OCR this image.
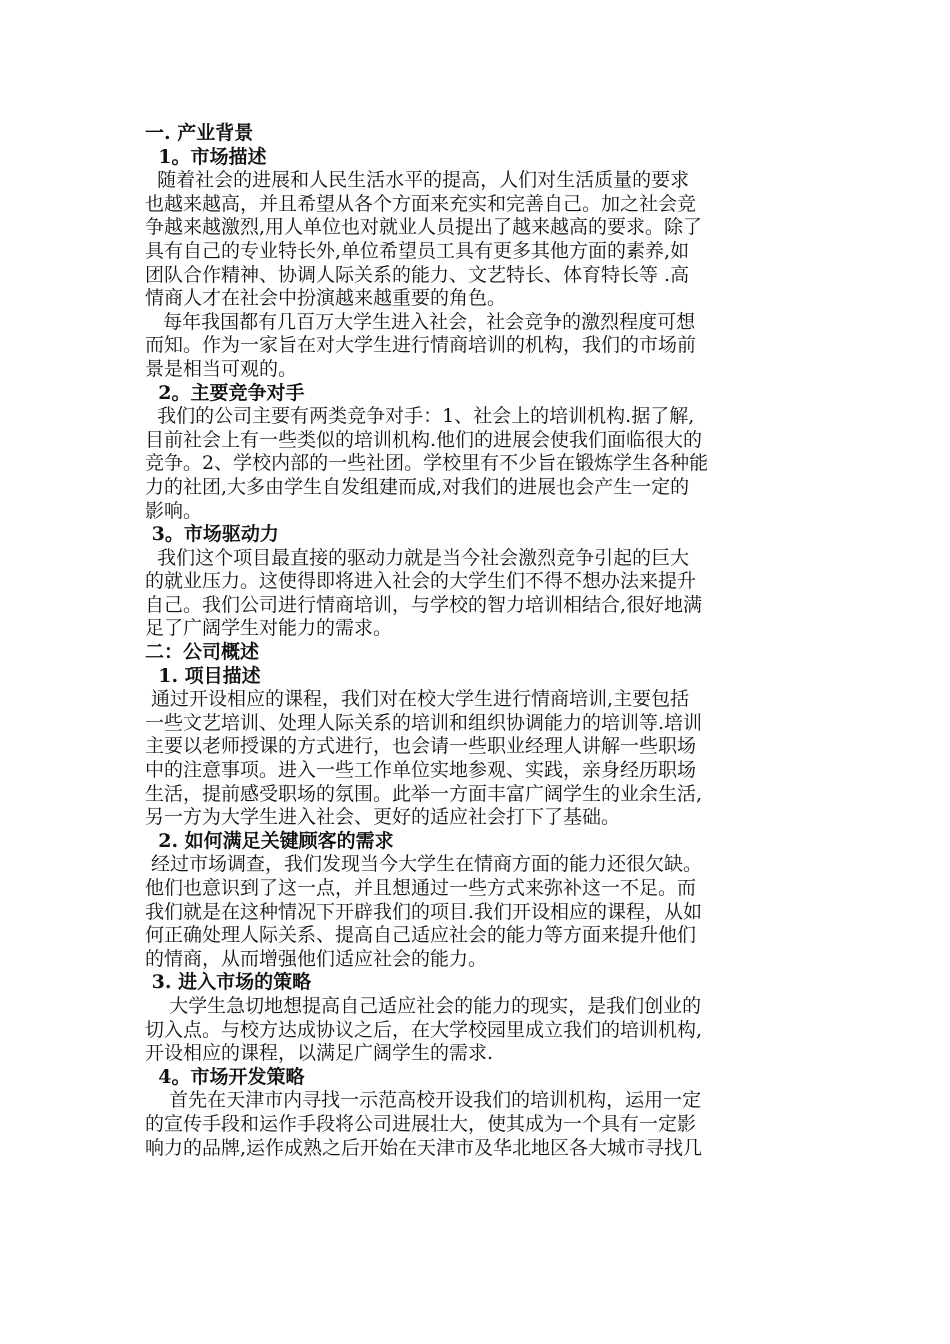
一. 产业背景
1。市场描述
随着社会的进展和人民生活水平的提高，人们对生活质量的要求
也越来越高，并且希望从各个方面来充实和完善自己。加之社会竞
争越来越激烈,用人单位也对就业人员提出了越来越高的要求。除了
具有自己的专业特长外,单位希望员工具有更多其他方面的素养,如
团队合作精神、协调人际关系的能力、文艺特长、体育特长等 .高
情商人才在社会中扮演越来越重要的角色。
每年我国都有几百万大学生进入社会，社会竞争的激烈程度可想
而知。作为一家旨在对大学生进行情商培训的机构，我们的市场前
景是相当可观的。
2。主要竞争对手
我们的公司主要有两类竞争对手：1、社会上的培训机构.据了解,
目前社会上有一些类似的培训机构.他们的进展会使我们面临很大的
竞争。2、学校内部的一些社团。学校里有不少旨在锻炼学生各种能
力的社团,大多由学生自发组建而成,对我们的进展也会产生一定的
影响。
3。市场驱动力
我们这个项目最直接的驱动力就是当今社会激烈竞争引起的巨大
的就业压力。这使得即将进入社会的大学生们不得不想办法来提升
自己。我们公司进行情商培训，与学校的智力培训相结合,很好地满
足了广阔学生对能力的需求。
二：公司概述
1. 项目描述
通过开设相应的课程，我们对在校大学生进行情商培训,主要包括
一些文艺培训、处理人际关系的培训和组织协调能力的培训等.培训
主要以老师授课的方式进行，也会请一些职业经理人讲解一些职场
中的注意事项。进入一些工作单位实地参观、实践，亲身经历职场
生活，提前感受职场的氛围。此举一方面丰富广阔学生的业余生活,
另一方为大学生进入社会、更好的适应社会打下了基础。
2. 如何满足关键顾客的需求
经过市场调查，我们发现当今大学生在情商方面的能力还很欠缺。
他们也意识到了这一点，并且想通过一些方式来弥补这一不足。而
我们就是在这种情况下开辟我们的项目.我们开设相应的课程，从如
何正确处理人际关系、提高自己适应社会的能力等方面来提升他们
的情商，从而增强他们适应社会的能力。
3. 进入市场的策略
大学生急切地想提高自己适应社会的能力的现实，是我们创业的
切入点。与校方达成协议之后，在大学校园里成立我们的培训机构,
开设相应的课程，以满足广阔学生的需求.
4。市场开发策略
首先在天津市内寻找一示范高校开设我们的培训机构，运用一定
的宣传手段和运作手段将公司进展壮大，使其成为一个具有一定影
响力的品牌,运作成熟之后开始在天津市及华北地区各大城市寻找几
